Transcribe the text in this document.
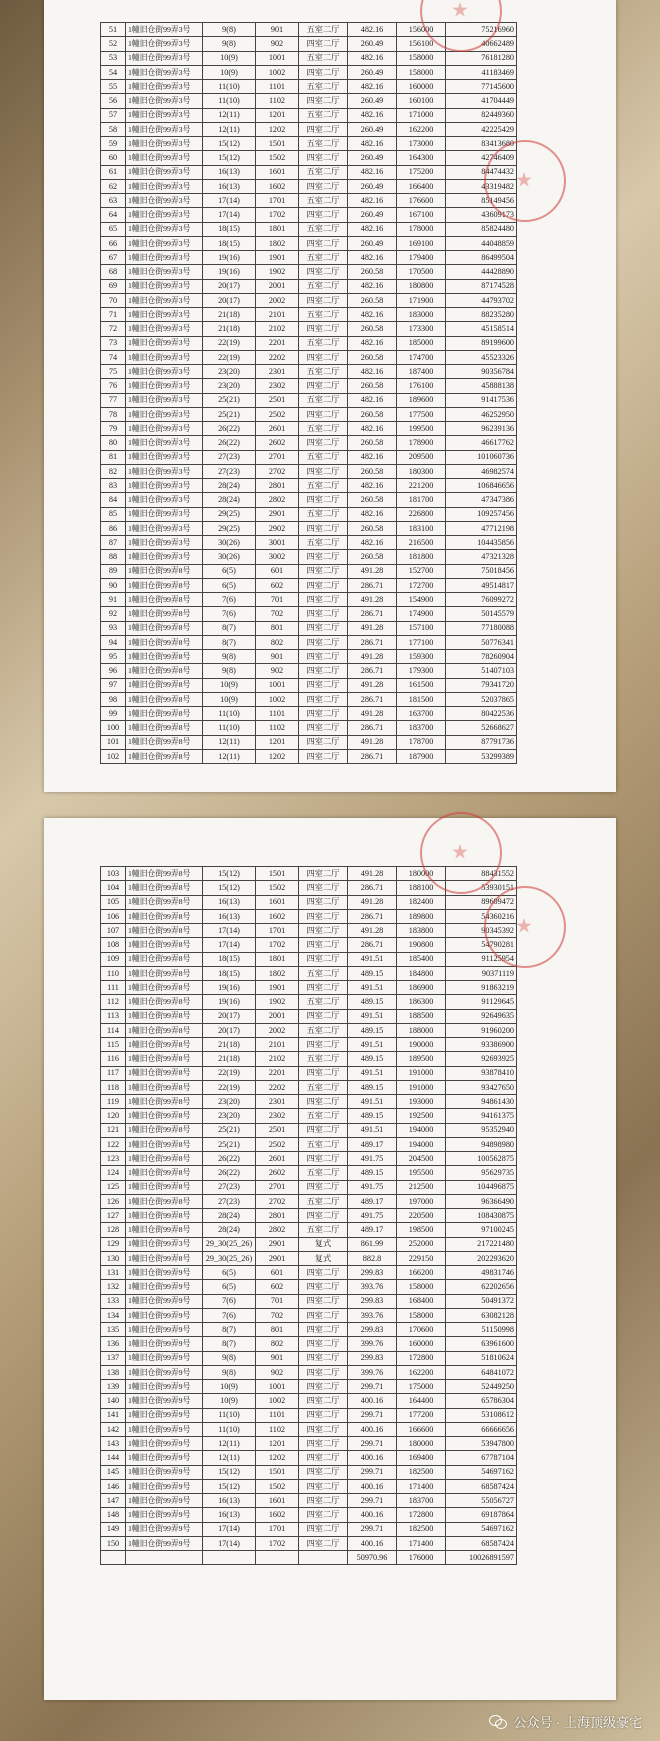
51	1幢旧仓街99弄3号	9(8)	901	五室二厅	482.16	156000	75216960
52	1幢旧仓街99弄3号	9(8)	902	四室二厅	260.49	156100	40662489
53	1幢旧仓街99弄3号	10(9)	1001	五室二厅	482.16	158000	76181280
54	1幢旧仓街99弄3号	10(9)	1002	四室二厅	260.49	158000	41183469
55	1幢旧仓街99弄3号	11(10)	1101	五室二厅	482.16	160000	77145600
56	1幢旧仓街99弄3号	11(10)	1102	四室二厅	260.49	160100	41704449
57	1幢旧仓街99弄3号	12(11)	1201	五室二厅	482.16	171000	82449360
58	1幢旧仓街99弄3号	12(11)	1202	四室二厅	260.49	162200	42225429
59	1幢旧仓街99弄3号	15(12)	1501	五室二厅	482.16	173000	83413680
60	1幢旧仓街99弄3号	15(12)	1502	四室二厅	260.49	164300	42746409
61	1幢旧仓街99弄3号	16(13)	1601	五室二厅	482.16	175200	84474432
62	1幢旧仓街99弄3号	16(13)	1602	四室二厅	260.49	166400	43319482
63	1幢旧仓街99弄3号	17(14)	1701	五室二厅	482.16	176600	85149456
64	1幢旧仓街99弄3号	17(14)	1702	四室二厅	260.49	167100	43609173
65	1幢旧仓街99弄3号	18(15)	1801	五室二厅	482.16	178000	85824480
66	1幢旧仓街99弄3号	18(15)	1802	四室二厅	260.49	169100	44048859
67	1幢旧仓街99弄3号	19(16)	1901	五室二厅	482.16	179400	86499504
68	1幢旧仓街99弄3号	19(16)	1902	四室二厅	260.58	170500	44428890
69	1幢旧仓街99弄3号	20(17)	2001	五室二厅	482.16	180800	87174528
70	1幢旧仓街99弄3号	20(17)	2002	四室二厅	260.58	171900	44793702
71	1幢旧仓街99弄3号	21(18)	2101	五室二厅	482.16	183000	88235280
72	1幢旧仓街99弄3号	21(18)	2102	四室二厅	260.58	173300	45158514
73	1幢旧仓街99弄3号	22(19)	2201	五室二厅	482.16	185000	89199600
74	1幢旧仓街99弄3号	22(19)	2202	四室二厅	260.58	174700	45523326
75	1幢旧仓街99弄3号	23(20)	2301	五室二厅	482.16	187400	90356784
76	1幢旧仓街99弄3号	23(20)	2302	四室二厅	260.58	176100	45888138
77	1幢旧仓街99弄3号	25(21)	2501	五室二厅	482.16	189600	91417536
78	1幢旧仓街99弄3号	25(21)	2502	四室二厅	260.58	177500	46252950
79	1幢旧仓街99弄3号	26(22)	2601	五室二厅	482.16	199500	96239136
80	1幢旧仓街99弄3号	26(22)	2602	四室二厅	260.58	178900	46617762
81	1幢旧仓街99弄3号	27(23)	2701	五室二厅	482.16	209500	101060736
82	1幢旧仓街99弄3号	27(23)	2702	四室二厅	260.58	180300	46982574
83	1幢旧仓街99弄3号	28(24)	2801	五室二厅	482.16	221200	106846656
84	1幢旧仓街99弄3号	28(24)	2802	四室二厅	260.58	181700	47347386
85	1幢旧仓街99弄3号	29(25)	2901	五室二厅	482.16	226800	109257456
86	1幢旧仓街99弄3号	29(25)	2902	四室二厅	260.58	183100	47712198
87	1幢旧仓街99弄3号	30(26)	3001	五室二厅	482.16	216500	104435856
88	1幢旧仓街99弄3号	30(26)	3002	四室二厅	260.58	181800	47321328
89	1幢旧仓街99弄8号	6(5)	601	四室二厅	491.28	152700	75018456
90	1幢旧仓街99弄8号	6(5)	602	四室二厅	286.71	172700	49514817
91	1幢旧仓街99弄8号	7(6)	701	四室二厅	491.28	154900	76099272
92	1幢旧仓街99弄8号	7(6)	702	四室二厅	286.71	174900	50145579
93	1幢旧仓街99弄8号	8(7)	801	四室二厅	491.28	157100	77180088
94	1幢旧仓街99弄8号	8(7)	802	四室二厅	286.71	177100	50776341
95	1幢旧仓街99弄8号	9(8)	901	四室二厅	491.28	159300	78260904
96	1幢旧仓街99弄8号	9(8)	902	四室二厅	286.71	179300	51407103
97	1幢旧仓街99弄8号	10(9)	1001	四室二厅	491.28	161500	79341720
98	1幢旧仓街99弄8号	10(9)	1002	四室二厅	286.71	181500	52037865
99	1幢旧仓街99弄8号	11(10)	1101	四室二厅	491.28	163700	80422536
100	1幢旧仓街99弄8号	11(10)	1102	四室二厅	286.71	183700	52668627
101	1幢旧仓街99弄8号	12(11)	1201	四室二厅	491.28	178700	87791736
102	1幢旧仓街99弄8号	12(11)	1202	四室二厅	286.71	187900	53299389
103	1幢旧仓街99弄8号	15(12)	1501	四室二厅	491.28	180000	88431552
104	1幢旧仓街99弄8号	15(12)	1502	四室二厅	286.71	188100	53930151
105	1幢旧仓街99弄8号	16(13)	1601	四室二厅	491.28	182400	89609472
106	1幢旧仓街99弄8号	16(13)	1602	四室二厅	286.71	189800	54360216
107	1幢旧仓街99弄8号	17(14)	1701	四室二厅	491.28	183800	90345392
108	1幢旧仓街99弄8号	17(14)	1702	四室二厅	286.71	190800	54790281
109	1幢旧仓街99弄8号	18(15)	1801	四室二厅	491.51	185400	91125954
110	1幢旧仓街99弄8号	18(15)	1802	五室二厅	489.15	184800	90371119
111	1幢旧仓街99弄8号	19(16)	1901	四室二厅	491.51	186900	91863219
112	1幢旧仓街99弄8号	19(16)	1902	五室二厅	489.15	186300	91129645
113	1幢旧仓街99弄8号	20(17)	2001	四室二厅	491.51	188500	92649635
114	1幢旧仓街99弄8号	20(17)	2002	五室二厅	489.15	188000	91960200
115	1幢旧仓街99弄8号	21(18)	2101	四室二厅	491.51	190000	93386900
116	1幢旧仓街99弄8号	21(18)	2102	五室二厅	489.15	189500	92693925
117	1幢旧仓街99弄8号	22(19)	2201	四室二厅	491.51	191000	93878410
118	1幢旧仓街99弄8号	22(19)	2202	五室二厅	489.15	191000	93427650
119	1幢旧仓街99弄8号	23(20)	2301	四室二厅	491.51	193000	94861430
120	1幢旧仓街99弄8号	23(20)	2302	五室二厅	489.15	192500	94161375
121	1幢旧仓街99弄8号	25(21)	2501	四室二厅	491.51	194000	95352940
122	1幢旧仓街99弄8号	25(21)	2502	五室二厅	489.17	194000	94898980
123	1幢旧仓街99弄8号	26(22)	2601	四室二厅	491.75	204500	100562875
124	1幢旧仓街99弄8号	26(22)	2602	五室二厅	489.15	195500	95629735
125	1幢旧仓街99弄8号	27(23)	2701	四室二厅	491.75	212500	104496875
126	1幢旧仓街99弄8号	27(23)	2702	五室二厅	489.17	197000	96366490
127	1幢旧仓街99弄8号	28(24)	2801	四室二厅	491.75	220500	108430875
128	1幢旧仓街99弄8号	28(24)	2802	五室二厅	489.17	198500	97100245
129	1幢旧仓街99弄3号	29_30(25_26)	2901	复式	861.99	252000	217221480
130	1幢旧仓街99弄8号	29_30(25_26)	2901	复式	882.8	229150	202293620
131	1幢旧仓街99弄9号	6(5)	601	四室二厅	299.83	166200	49831746
132	1幢旧仓街99弄9号	6(5)	602	四室二厅	393.76	158000	62202656
133	1幢旧仓街99弄9号	7(6)	701	四室二厅	299.83	168400	50491372
134	1幢旧仓街99弄9号	7(6)	702	四室二厅	393.76	158000	63082128
135	1幢旧仓街99弄9号	8(7)	801	四室二厅	299.83	170600	51150998
136	1幢旧仓街99弄9号	8(7)	802	四室二厅	399.76	160000	63961600
137	1幢旧仓街99弄9号	9(8)	901	四室二厅	299.83	172800	51810624
138	1幢旧仓街99弄9号	9(8)	902	四室二厅	399.76	162200	64841072
139	1幢旧仓街99弄9号	10(9)	1001	四室二厅	299.71	175000	52449250
140	1幢旧仓街99弄9号	10(9)	1002	四室二厅	400.16	164400	65786304
141	1幢旧仓街99弄9号	11(10)	1101	四室二厅	299.71	177200	53108612
142	1幢旧仓街99弄9号	11(10)	1102	四室二厅	400.16	166600	66666656
143	1幢旧仓街99弄9号	12(11)	1201	四室二厅	299.71	180000	53947800
144	1幢旧仓街99弄9号	12(11)	1202	四室二厅	400.16	169400	67787104
145	1幢旧仓街99弄9号	15(12)	1501	四室二厅	299.71	182500	54697162
146	1幢旧仓街99弄9号	15(12)	1502	四室二厅	400.16	171400	68587424
147	1幢旧仓街99弄9号	16(13)	1601	四室二厅	299.71	183700	55056727
148	1幢旧仓街99弄9号	16(13)	1602	四室二厅	400.16	172800	69187864
149	1幢旧仓街99弄9号	17(14)	1701	四室二厅	299.71	182500	54697162
150	1幢旧仓街99弄9号	17(14)	1702	四室二厅	400.16	171400	68587424
					50970.96	176000	10026891597
公众号 · 上海顶级豪宅
